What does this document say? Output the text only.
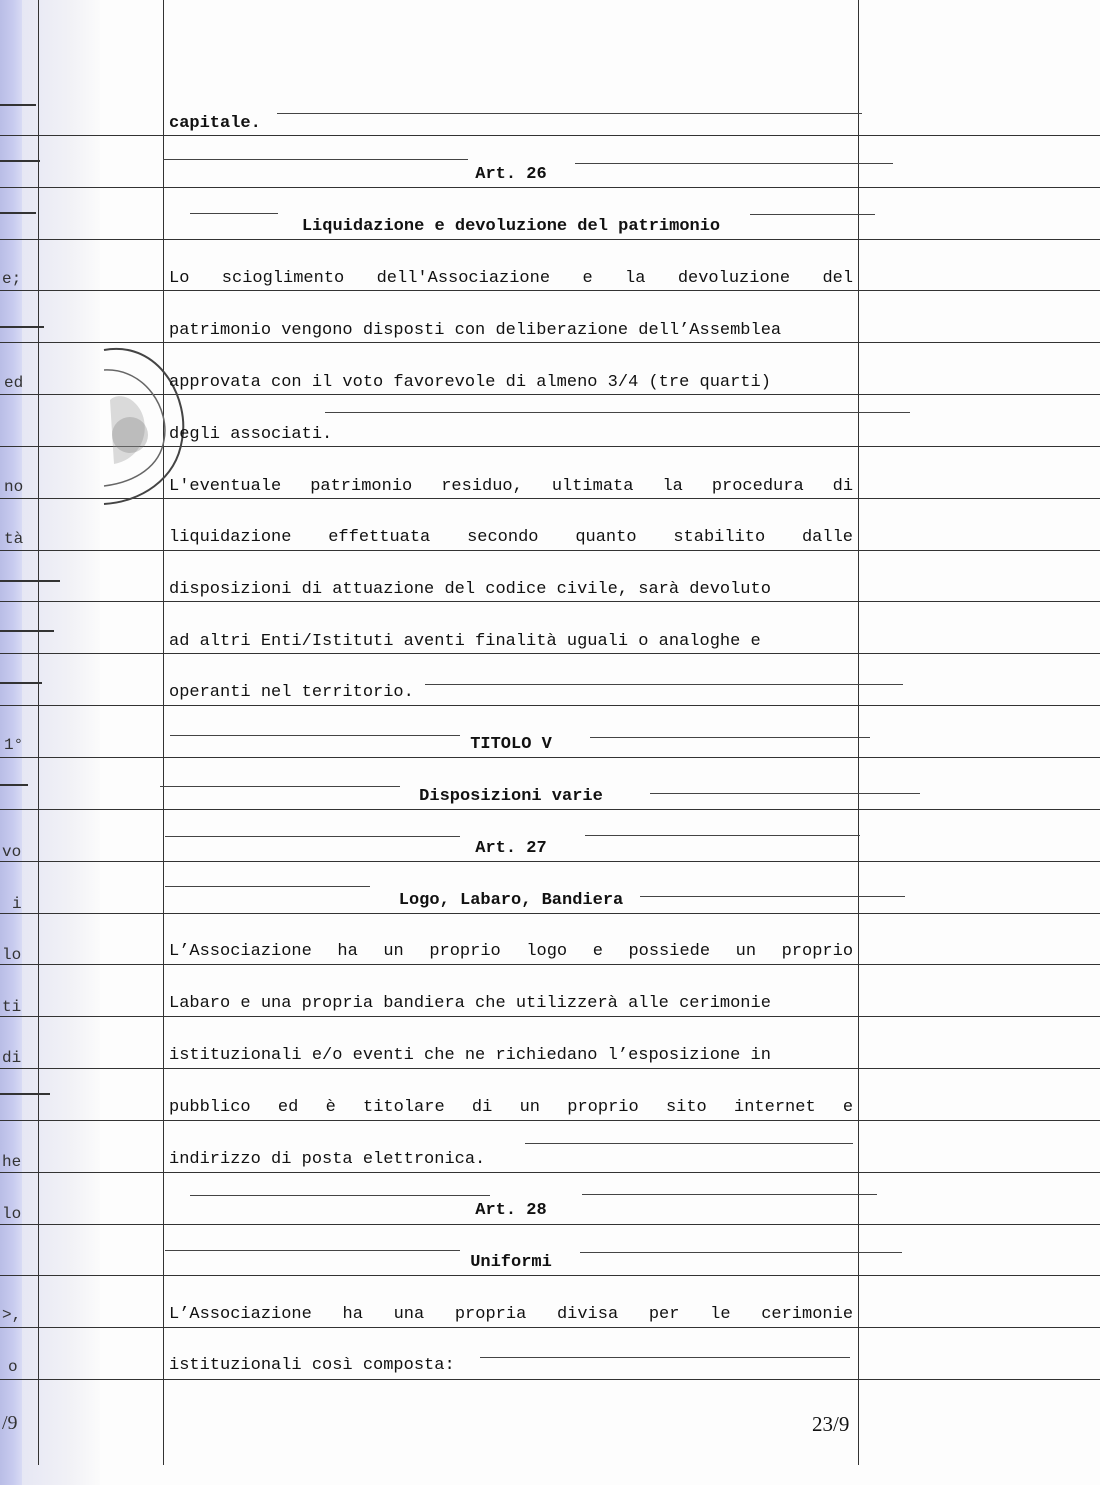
e;
ed
no
tà
1°
vo
i
lo
ti
di
he
lo
>,
o
/9
capitale.
Art. 26
Liquidazione e devoluzione del patrimonio
Lo scioglimento dell'Associazione e la devoluzione del
patrimonio vengono disposti con deliberazione dell’Assemblea
approvata con il voto favorevole di almeno 3/4 (tre quarti)
degli associati.
L'eventuale patrimonio residuo, ultimata la procedura di
liquidazione effettuata secondo quanto stabilito dalle
disposizioni di attuazione del codice civile, sarà devoluto
ad altri Enti/Istituti aventi finalità uguali o analoghe e
operanti nel territorio.
TITOLO V
Disposizioni varie
Art. 27
Logo, Labaro, Bandiera
L’Associazione ha un proprio logo e possiede un proprio
Labaro e una propria bandiera che utilizzerà alle cerimonie
istituzionali e/o eventi che ne richiedano l’esposizione in
pubblico ed è titolare di un proprio sito internet e
indirizzo di posta elettronica.
Art. 28
Uniformi
L’Associazione ha una propria divisa per le cerimonie
istituzionali così composta:
23/9
